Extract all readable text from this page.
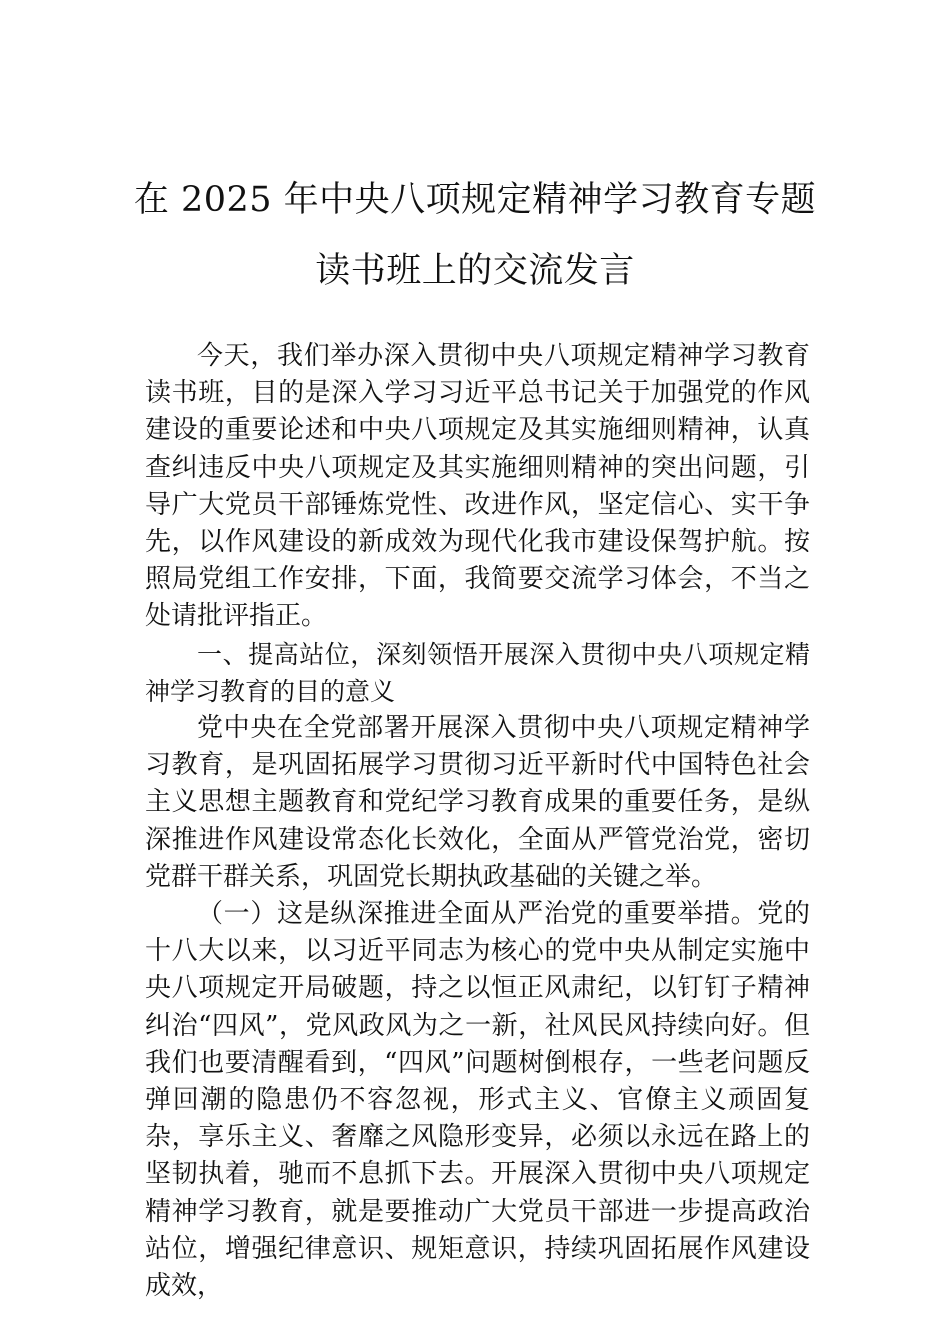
在 2025 年中央八项规定精神学习教育专题
读书班上的交流发言

今天，我们举办深入贯彻中央八项规定精神学习教育读书班，目的是深入学习习近平总书记关于加强党的作风建设的重要论述和中央八项规定及其实施细则精神，认真查纠违反中央八项规定及其实施细则精神的突出问题，引导广大党员干部锤炼党性、改进作风，坚定信心、实干争先，以作风建设的新成效为现代化我市建设保驾护航。按照局党组工作安排，下面，我简要交流学习体会，不当之处请批评指正。

一、提高站位，深刻领悟开展深入贯彻中央八项规定精神学习教育的目的意义

党中央在全党部署开展深入贯彻中央八项规定精神学习教育，是巩固拓展学习贯彻习近平新时代中国特色社会主义思想主题教育和党纪学习教育成果的重要任务，是纵深推进作风建设常态化长效化，全面从严管党治党，密切党群干群关系，巩固党长期执政基础的关键之举。

（一）这是纵深推进全面从严治党的重要举措。党的十八大以来，以习近平同志为核心的党中央从制定实施中央八项规定开局破题，持之以恒正风肃纪，以钉钉子精神纠治“四风”，党风政风为之一新，社风民风持续向好。但我们也要清醒看到，“四风”问题树倒根存，一些老问题反弹回潮的隐患仍不容忽视，形式主义、官僚主义顽固复杂，享乐主义、奢靡之风隐形变异，必须以永远在路上的坚韧执着，驰而不息抓下去。开展深入贯彻中央八项规定精神学习教育，就是要推动广大党员干部进一步提高政治站位，增强纪律意识、规矩意识，持续巩固拓展作风建设成效，
